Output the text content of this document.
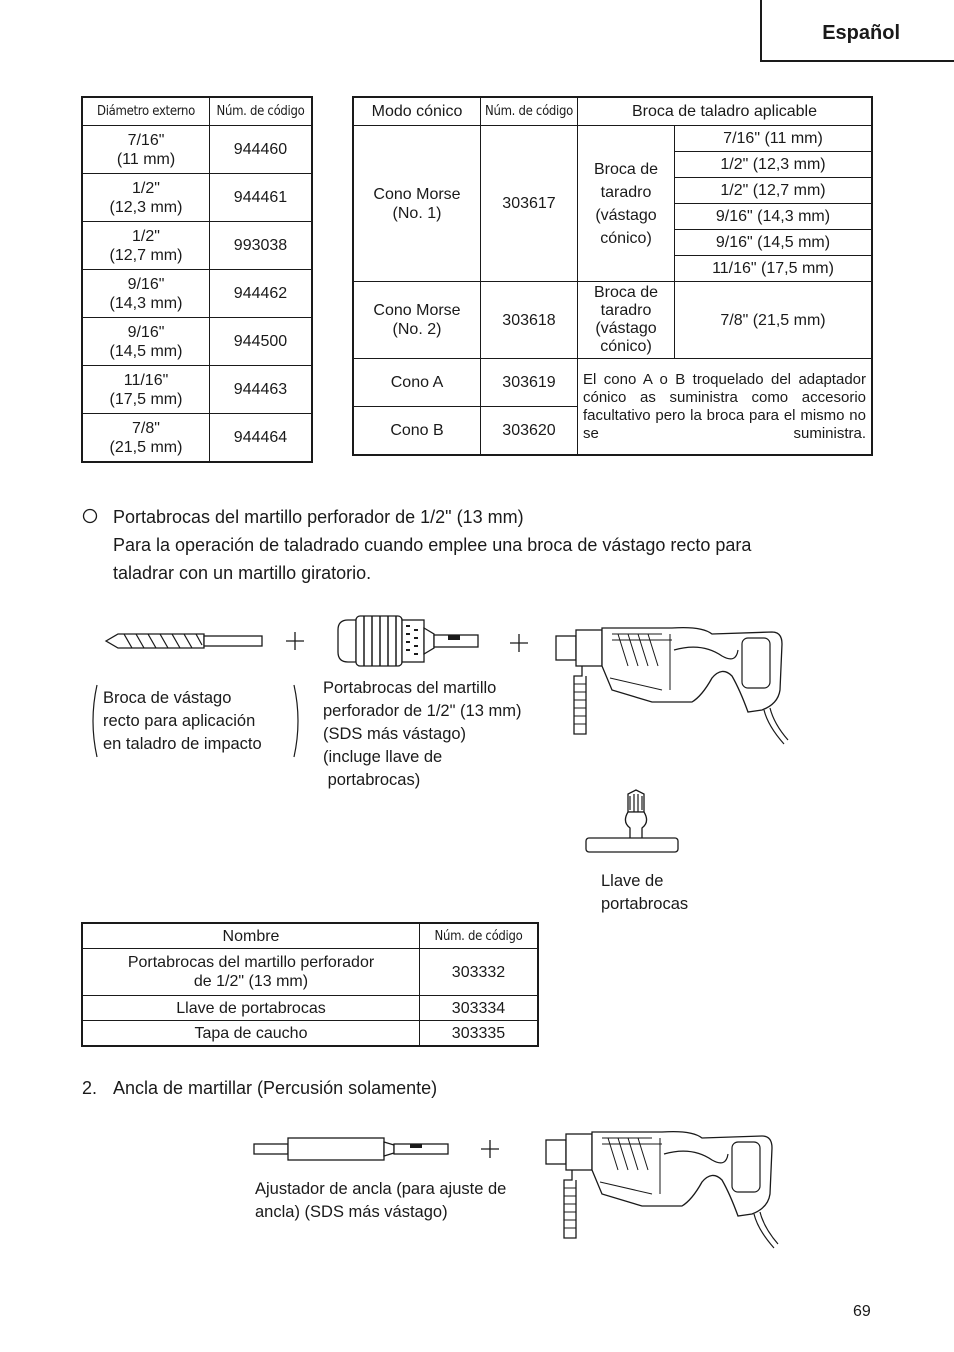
Español
Diámetro externo	Núm. de código
7/16"
(11 mm)	944460
1/2"
(12,3 mm)	944461
1/2"
(12,7 mm)	993038
9/16"
(14,3 mm)	944462
9/16"
(14,5 mm)	944500
11/16"
(17,5 mm)	944463
7/8"
(21,5 mm)	944464
Modo cónico	Núm. de código	Broca de taladro aplicable	
Cono Morse
(No. 1)	303617	Broca de
taradro
(vástago
cónico)	7/16" (11 mm)
			1/2" (12,3 mm)
			1/2" (12,7 mm)
			9/16" (14,3 mm)
			9/16" (14,5 mm)
			11/16" (17,5 mm)
Cono Morse
(No. 2)	303618	Broca de
taradro
(vástago
cónico)	7/8" (21,5 mm)
Cono A	303619	El cono A o B troquelado del adaptador cónico as suministra como accesorio facultativo pero la broca para el mismo no se suministra.	
Cono B	303620		
Portabrocas del martillo perforador de 1/2" (13 mm)
Para la operación de taladrado cuando emplee una broca de vástago recto para
taladrar con un martillo giratorio.
Broca de vástago
recto para aplicación
en taladro de impacto
Portabrocas del martillo
perforador de 1/2" (13 mm)
(SDS más vástago)
(incluge llave de
portabrocas)
Llave de
portabrocas
Nombre	Núm. de código
Portabrocas del martillo perforador
de 1/2" (13 mm)	303332
Llave de portabrocas	303334
Tapa de caucho	303335
2. Ancla de martillar (Percusión solamente)
Ajustador de ancla (para ajuste de
ancla) (SDS más vástago)
69
